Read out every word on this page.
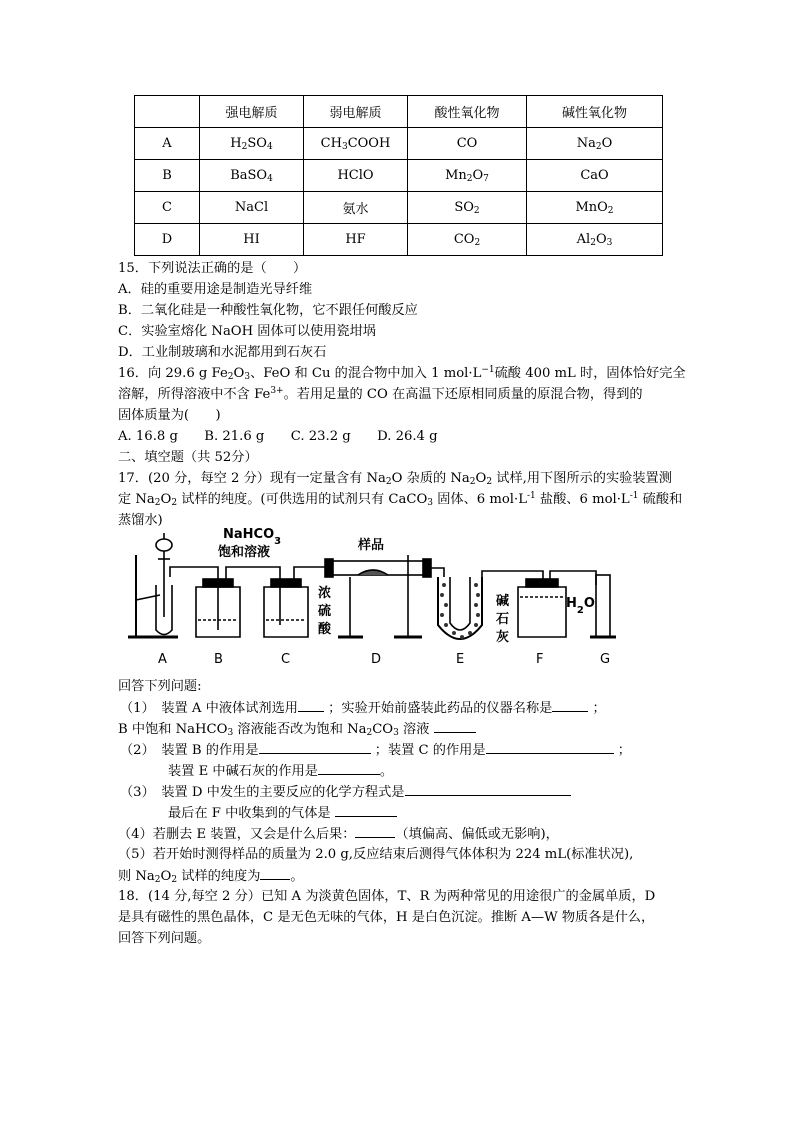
	强电解质	弱电解质	酸性氧化物	碱性氧化物
A	$H_2SO_4$	$CH_3COOH$	CO	$Na_2O$
B	BaSO$_4$	HClO	$Mn_2O_7$	CaO
C	NaCl	氨水	$SO_2$	MnO$_2$
D	HI	HF	$CO_2$	$Al_2O_3$
15．下列说法正确的是（　　）
A．硅的重要用途是制造光导纤维
B．二氧化硅是一种酸性氧化物，它不跟任何酸反应
C．实验室熔化 NaOH 固体可以使用瓷坩埚
D．工业制玻璃和水泥都用到石灰石
16．向 29.6 g $Fe_2O_3$、FeO 和 Cu 的混合物中加入 1 $mol\cdot L^{-1}$硫酸 400 mL 时，固体恰好完全
溶解，所得溶液中不含 $Fe^{3+}$。若用足量的 CO 在高温下还原相同质量的原混合物，得到的
固体质量为(　　)
A. 16.8 g　　B. 21.6 g　　C. 23.2 g　　D. 26.4 g
二、填空题（共 52分）
17．(20 分，每空 2 分）现有一定量含有 $Na_2O$ 杂质的 $Na_2O_2$ 试样,用下图所示的实验装置测
定 $Na_2O_2$ 试样的纯度。(可供选用的试剂只有 CaCO$_3$ 固体、6 $mol\cdot L^{-1}$ 盐酸、6 $mol\cdot L^{-1}$ 硫酸和
蒸馏水)
NaHCO$_3$
饱和溶液	样品
浓
硫
酸
碱
石
灰
$H_2O$
A	B	C	D	E	F	G
回答下列问题:
（1）　装置 A 中液体试剂选用 ；实验开始前盛装此药品的仪器名称是	；
B 中饱和 NaHCO$_3$ 溶液能否改为饱和 $Na_2CO_3$ 溶液
（2）　装置 B 的作用是	；装置 C 的作用是	；
装置 E 中碱石灰的作用是	。
（3）　装置 D 中发生的主要反应的化学方程式是
最后在 F 中收集到的气体是
（4）若删去 E 装置，又会是什么后果：	（填偏高、偏低或无影响)，
（5）若开始时测得样品的质量为 2.0 g,反应结束后测得气体体积为 224 mL(标准状况),
则 $Na_2O_2$ 试样的纯度为 。
18．(14 分,每空 2 分）已知 A 为淡黄色固体，T、R 为两种常见的用途很广的金属单质，D
是具有磁性的黑色晶体，C 是无色无味的气体，H 是白色沉淀。推断 A—W 物质各是什么，
回答下列问题。
